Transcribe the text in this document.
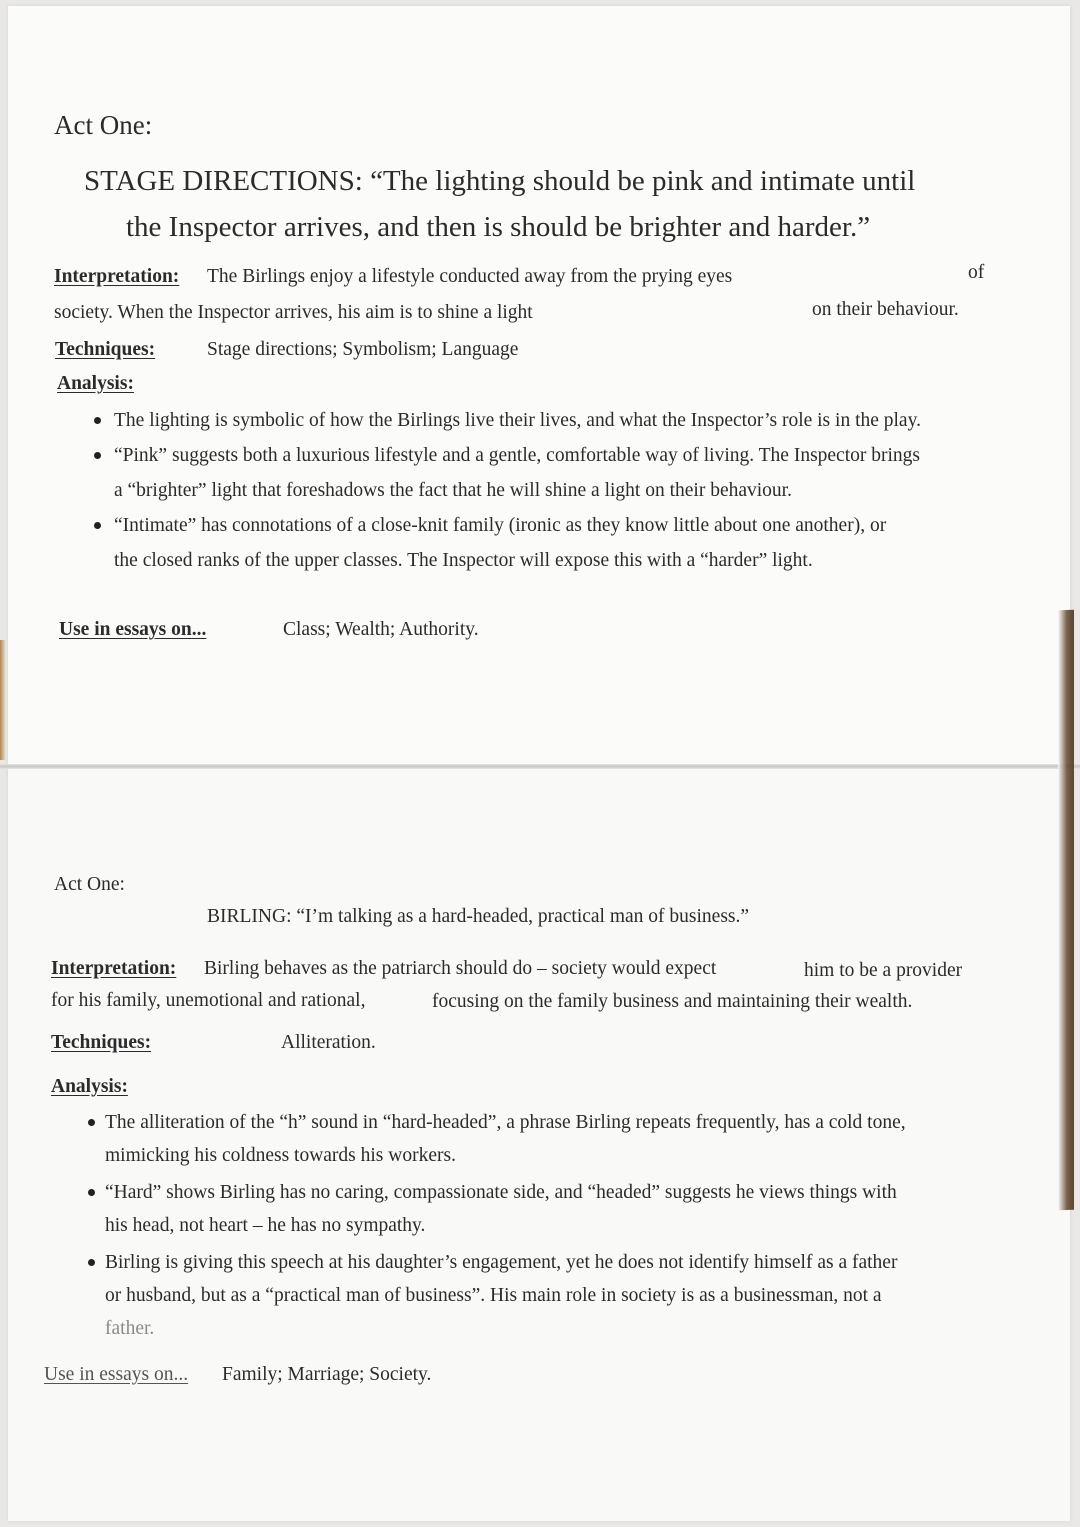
Act One:
STAGE DIRECTIONS: “The lighting should be pink and intimate until
the Inspector arrives, and then is should be brighter and harder.”
Interpretation: The Birlings enjoy a lifestyle conducted away from the prying eyes	of
society. When the Inspector arrives, his aim is to shine a light	on their behaviour.
Techniques:	Stage directions; Symbolism; Language
Analysis:
The lighting is symbolic of how the Birlings live their lives, and what the Inspector’s role is in the play.
“Pink” suggests both a luxurious lifestyle and a gentle, comfortable way of living. The Inspector brings
a “brighter” light that foreshadows the fact that he will shine a light on their behaviour.
“Intimate” has connotations of a close-knit family (ironic as they know little about one another), or
the closed ranks of the upper classes. The Inspector will expose this with a “harder” light.
Use in essays on...	Class; Wealth; Authority.
Act One:
BIRLING: “I’m talking as a hard-headed, practical man of business.”
Interpretation: Birling behaves as the patriarch should do – society would expect	him to be a provider
for his family, unemotional and rational,	focusing on the family business and maintaining their wealth.
Techniques:	Alliteration.
Analysis:
The alliteration of the “h” sound in “hard-headed”, a phrase Birling repeats frequently, has a cold tone,
mimicking his coldness towards his workers.
“Hard” shows Birling has no caring, compassionate side, and “headed” suggests he views things with
his head, not heart – he has no sympathy.
Birling is giving this speech at his daughter’s engagement, yet he does not identify himself as a father
or husband, but as a “practical man of business”. His main role in society is as a businessman, not a
father.
Use in essays on... Family; Marriage; Society.
